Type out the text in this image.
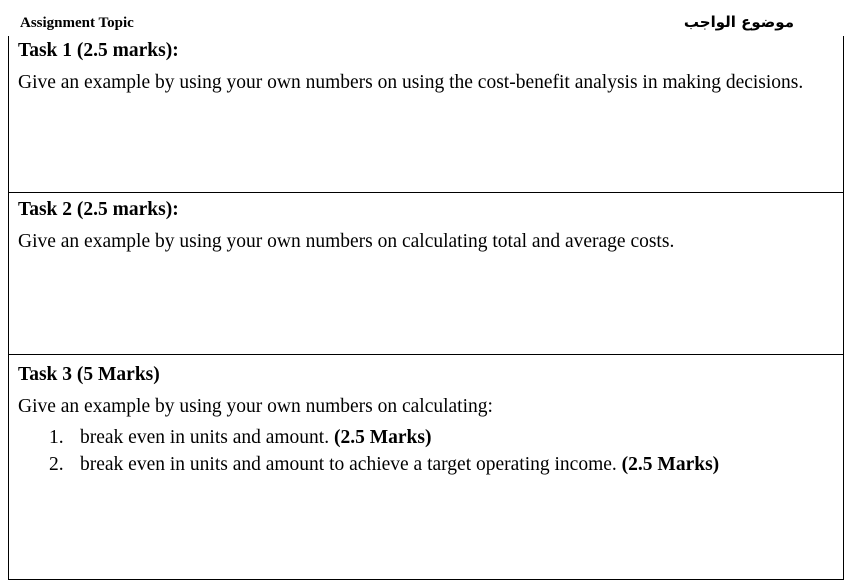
Assignment Topic	موضوع الواجب
Task 1 (2.5 marks):
Give an example by using your own numbers on using the cost-benefit analysis in making decisions.
Task 2 (2.5 marks):
Give an example by using your own numbers on calculating total and average costs.
Task 3 (5 Marks)
Give an example by using your own numbers on calculating:
1. break even in units and amount. (2.5 Marks)
2. break even in units and amount to achieve a target operating income. (2.5 Marks)
